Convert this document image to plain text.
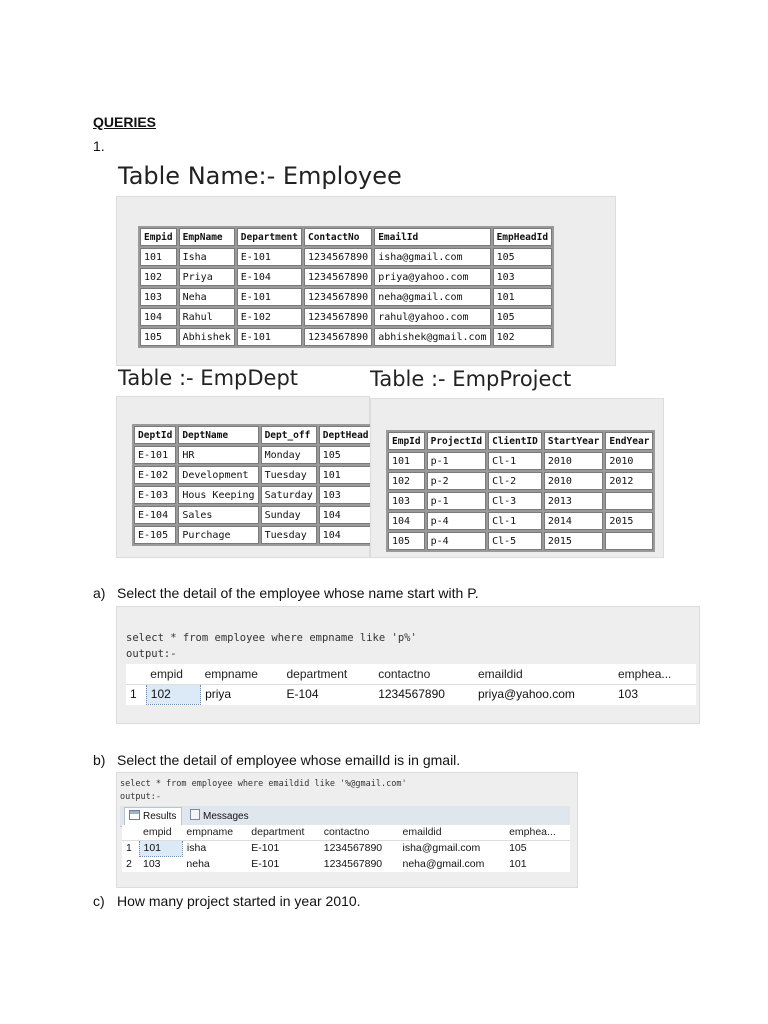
QUERIES
1.
Table Name:- Employee
Empid	EmpName	Department	ContactNo	EmailId	EmpHeadId
101	Isha	E-101	1234567890	isha@gmail.com	105
102	Priya	E-104	1234567890	priya@yahoo.com	103
103	Neha	E-101	1234567890	neha@gmail.com	101
104	Rahul	E-102	1234567890	rahul@yahoo.com	105
105	Abhishek	E-101	1234567890	abhishek@gmail.com	102
Table :- EmpDept
DeptId	DeptName	Dept_off	DeptHead
E-101	HR	Monday	105
E-102	Development	Tuesday	101
E-103	Hous Keeping	Saturday	103
E-104	Sales	Sunday	104
E-105	Purchage	Tuesday	104
Table :- EmpProject
EmpId	ProjectId	ClientID	StartYear	EndYear
101	p-1	Cl-1	2010	2010
102	p-2	Cl-2	2010	2012
103	p-1	Cl-3	2013	
104	p-4	Cl-1	2014	2015
105	p-4	Cl-5	2015	
a) Select the detail of the employee whose name start with P.
select * from employee where empname like 'p%'
output:-
	empid	empname	department	contactno	emaildid	emphea...
1	102	priya	E-104	1234567890	priya@yahoo.com	103
b) Select the detail of employee whose emailId is in gmail.
select * from employee where emaildid like '%@gmail.com'
output:-
Results	Messages
	empid	empname	department	contactno	emaildid	emphea...
1	101	isha	E-101	1234567890	isha@gmail.com	105
2	103	neha	E-101	1234567890	neha@gmail.com	101
c) How many project started in year 2010.
